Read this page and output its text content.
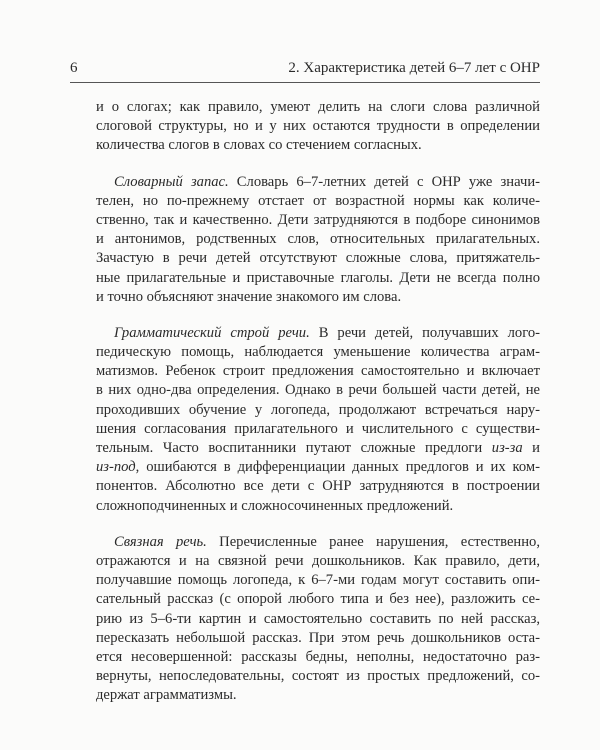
6	2. Характеристика детей 6–7 лет с ОНР
и о слогах; как правило, умеют делить на слоги слова различной
слоговой структуры, но и у них остаются трудности в определении
количества слогов в словах со стечением согласных.
Словарный запас. Словарь 6–7-летних детей с ОНР уже значи-
телен, но по-прежнему отстает от возрастной нормы как количе-
ственно, так и качественно. Дети затрудняются в подборе синонимов
и антонимов, родственных слов, относительных прилагательных.
Зачастую в речи детей отсутствуют сложные слова, притяжатель-
ные прилагательные и приставочные глаголы. Дети не всегда полно
и точно объясняют значение знакомого им слова.
Грамматический строй речи. В речи детей, получавших лого-
педическую помощь, наблюдается уменьшение количества аграм-
матизмов. Ребенок строит предложения самостоятельно и включает
в них одно-два определения. Однако в речи большей части детей, не
проходивших обучение у логопеда, продолжают встречаться нару-
шения согласования прилагательного и числительного с существи-
тельным. Часто воспитанники путают сложные предлоги из-за и
из-под, ошибаются в дифференциации данных предлогов и их ком-
понентов. Абсолютно все дети с ОНР затрудняются в построении
сложноподчиненных и сложносочиненных предложений.
Связная речь. Перечисленные ранее нарушения, естественно,
отражаются и на связной речи дошкольников. Как правило, дети,
получавшие помощь логопеда, к 6–7-ми годам могут составить опи-
сательный рассказ (с опорой любого типа и без нее), разложить се-
рию из 5–6-ти картин и самостоятельно составить по ней рассказ,
пересказать небольшой рассказ. При этом речь дошкольников оста-
ется несовершенной: рассказы бедны, неполны, недостаточно раз-
вернуты, непоследовательны, состоят из простых предложений, со-
держат аграмматизмы.
